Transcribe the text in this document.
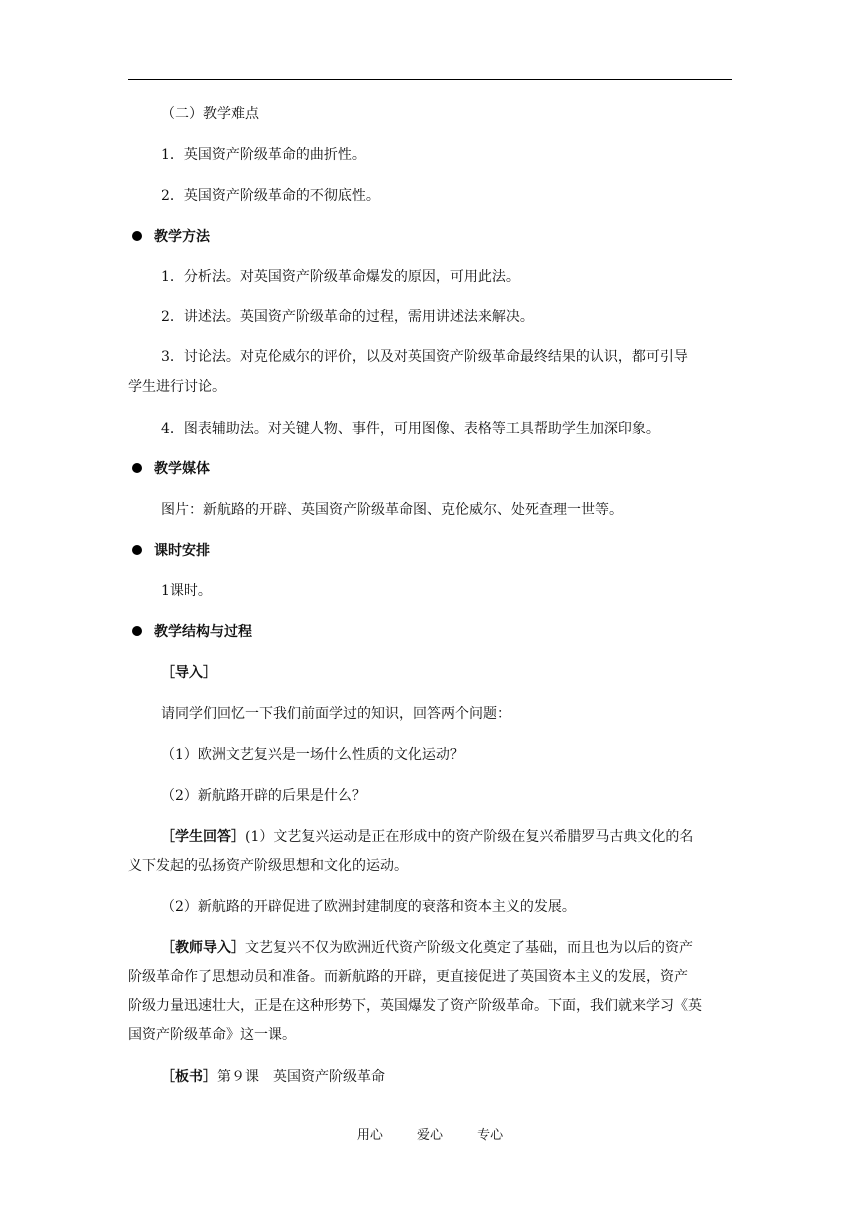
（二）教学难点
1．英国资产阶级革命的曲折性。
2．英国资产阶级革命的不彻底性。
教学方法
1．分析法。对英国资产阶级革命爆发的原因，可用此法。
2．讲述法。英国资产阶级革命的过程，需用讲述法来解决。
3．讨论法。对克伦威尔的评价，以及对英国资产阶级革命最终结果的认识，都可引导
学生进行讨论。
4．图表辅助法。对关键人物、事件，可用图像、表格等工具帮助学生加深印象。
教学媒体
图片：新航路的开辟、英国资产阶级革命图、克伦威尔、处死查理一世等。
课时安排
1课时。
教学结构与过程
［导入］
请同学们回忆一下我们前面学过的知识，回答两个问题：
（1）欧洲文艺复兴是一场什么性质的文化运动？
（2）新航路开辟的后果是什么？
［学生回答］(1）文艺复兴运动是正在形成中的资产阶级在复兴希腊罗马古典文化的名
义下发起的弘扬资产阶级思想和文化的运动。
（2）新航路的开辟促进了欧洲封建制度的衰落和资本主义的发展。
［教师导入］文艺复兴不仅为欧洲近代资产阶级文化奠定了基础，而且也为以后的资产
阶级革命作了思想动员和准备。而新航路的开辟，更直接促进了英国资本主义的发展，资产
阶级力量迅速壮大，正是在这种形势下，英国爆发了资产阶级革命。下面，我们就来学习《英
国资产阶级革命》这一课。
［板书］第９课　英国资产阶级革命
用心	爱心	专心
